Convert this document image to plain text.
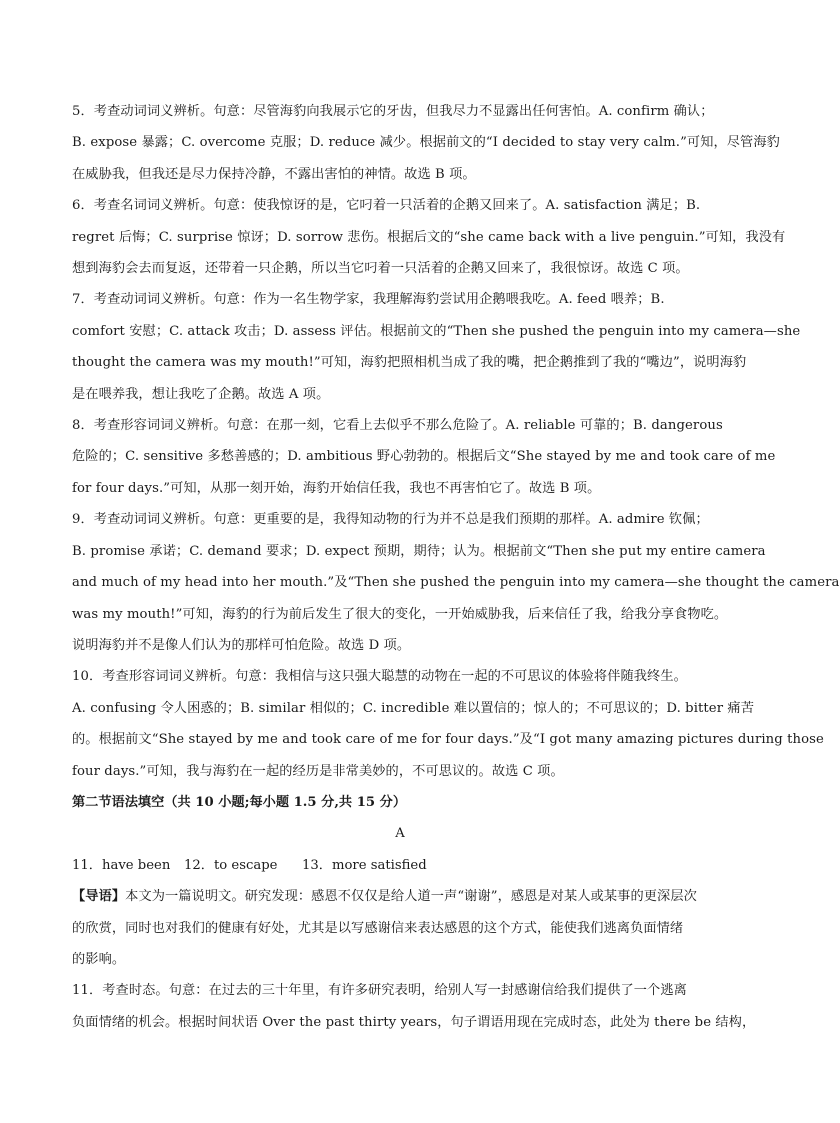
5．考查动词词义辨析。句意：尽管海豹向我展示它的牙齿，但我尽力不显露出任何害怕。A. confirm 确认；
B. expose 暴露；C. overcome 克服；D. reduce 减少。根据前文的“I decided to stay very calm.”可知，尽管海豹
在威胁我，但我还是尽力保持冷静，不露出害怕的神情。故选 B 项。
6．考查名词词义辨析。句意：使我惊讶的是，它叼着一只活着的企鹅又回来了。A. satisfaction 满足；B.
regret 后悔；C. surprise 惊讶；D. sorrow 悲伤。根据后文的“she came back with a live penguin.”可知，我没有
想到海豹会去而复返，还带着一只企鹅，所以当它叼着一只活着的企鹅又回来了，我很惊讶。故选 C 项。
7．考查动词词义辨析。句意：作为一名生物学家，我理解海豹尝试用企鹅喂我吃。A. feed 喂养；B.
comfort 安慰；C. attack 攻击；D. assess 评估。根据前文的“Then she pushed the penguin into my camera—she
thought the camera was my mouth!”可知，海豹把照相机当成了我的嘴，把企鹅推到了我的“嘴边”，说明海豹
是在喂养我，想让我吃了企鹅。故选 A 项。
8．考查形容词词义辨析。句意：在那一刻，它看上去似乎不那么危险了。A. reliable 可靠的；B. dangerous
危险的；C. sensitive 多愁善感的；D. ambitious 野心勃勃的。根据后文“She stayed by me and took care of me
for four days.”可知，从那一刻开始，海豹开始信任我，我也不再害怕它了。故选 B 项。
9．考查动词词义辨析。句意：更重要的是，我得知动物的行为并不总是我们预期的那样。A. admire 钦佩；
B. promise 承诺；C. demand 要求；D. expect 预期，期待；认为。根据前文“Then she put my entire camera
and much of my head into her mouth.”及“Then she pushed the penguin into my camera—she thought the camera
was my mouth!”可知，海豹的行为前后发生了很大的变化，一开始威胁我，后来信任了我，给我分享食物吃。
说明海豹并不是像人们认为的那样可怕危险。故选 D 项。
10．考查形容词词义辨析。句意：我相信与这只强大聪慧的动物在一起的不可思议的体验将伴随我终生。
A. confusing 令人困惑的；B. similar 相似的；C. incredible 难以置信的；惊人的；不可思议的；D. bitter 痛苦
的。根据前文“She stayed by me and took care of me for four days.”及“I got many amazing pictures during those
four days.”可知，我与海豹在一起的经历是非常美妙的，不可思议的。故选 C 项。
第二节语法填空（共 10 小题;每小题 1.5 分,共 15 分）
A
11．have been 12．to escape 13．more satisfied
【导语】本文为一篇说明文。研究发现：感恩不仅仅是给人道一声“谢谢”，感恩是对某人或某事的更深层次
的欣赏，同时也对我们的健康有好处，尤其是以写感谢信来表达感恩的这个方式，能使我们逃离负面情绪
的影响。
11．考查时态。句意：在过去的三十年里，有许多研究表明，给别人写一封感谢信给我们提供了一个逃离
负面情绪的机会。根据时间状语 Over the past thirty years，句子谓语用现在完成时态，此处为 there be 结构，
